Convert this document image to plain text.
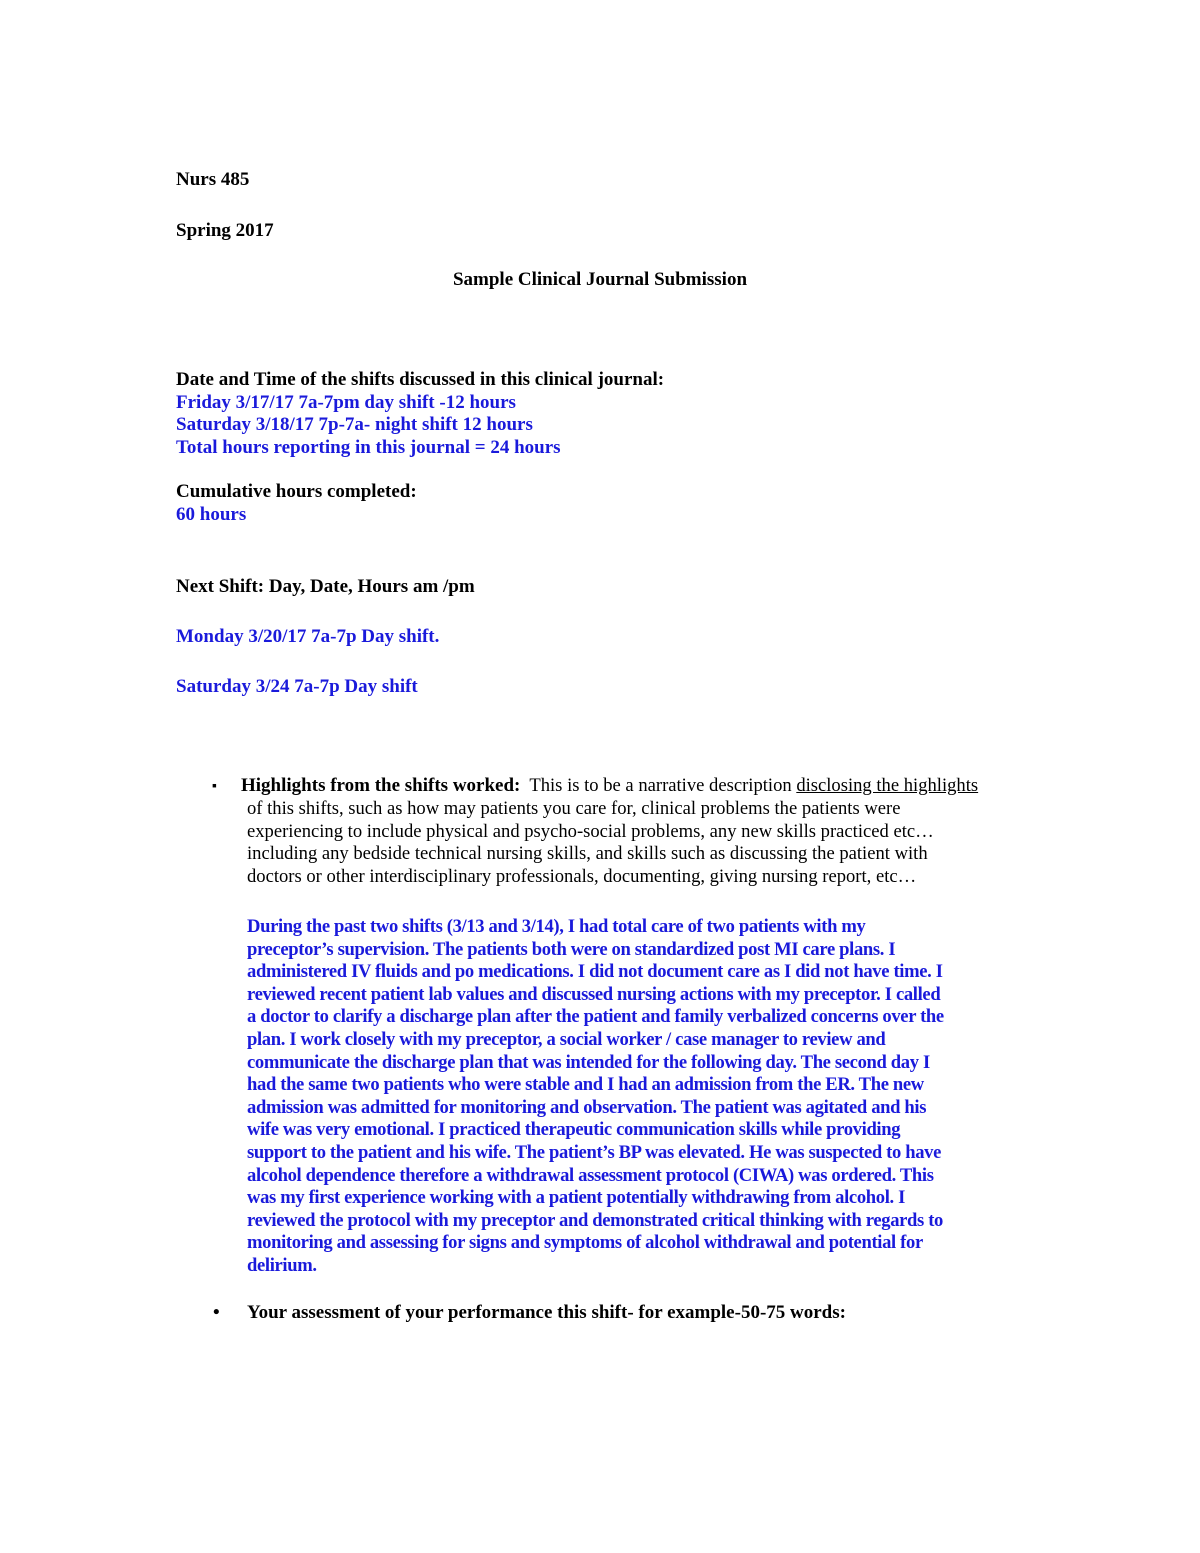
Nurs 485
Spring 2017
Sample Clinical Journal Submission
Date and Time of the shifts discussed in this clinical journal:
Friday 3/17/17 7a-7pm day shift -12 hours
Saturday 3/18/17 7p-7a- night shift 12 hours
Total hours reporting in this journal = 24 hours
Cumulative hours completed:
60 hours
Next Shift: Day, Date, Hours am /pm
Monday 3/20/17 7a-7p Day shift.
Saturday 3/24 7a-7p Day shift
▪ Highlights from the shifts worked: This is to be a narrative description disclosing the highlights
of this shifts, such as how may patients you care for, clinical problems the patients were
experiencing to include physical and psycho-social problems, any new skills practiced etc…
including any bedside technical nursing skills, and skills such as discussing the patient with
doctors or other interdisciplinary professionals, documenting, giving nursing report, etc…
During the past two shifts (3/13 and 3/14), I had total care of two patients with my
preceptor’s supervision. The patients both were on standardized post MI care plans. I
administered IV fluids and po medications. I did not document care as I did not have time. I
reviewed recent patient lab values and discussed nursing actions with my preceptor. I called
a doctor to clarify a discharge plan after the patient and family verbalized concerns over the
plan. I work closely with my preceptor, a social worker / case manager to review and
communicate the discharge plan that was intended for the following day. The second day I
had the same two patients who were stable and I had an admission from the ER. The new
admission was admitted for monitoring and observation. The patient was agitated and his
wife was very emotional. I practiced therapeutic communication skills while providing
support to the patient and his wife. The patient’s BP was elevated. He was suspected to have
alcohol dependence therefore a withdrawal assessment protocol (CIWA) was ordered. This
was my first experience working with a patient potentially withdrawing from alcohol. I
reviewed the protocol with my preceptor and demonstrated critical thinking with regards to
monitoring and assessing for signs and symptoms of alcohol withdrawal and potential for
delirium.
• Your assessment of your performance this shift- for example-50-75 words:
